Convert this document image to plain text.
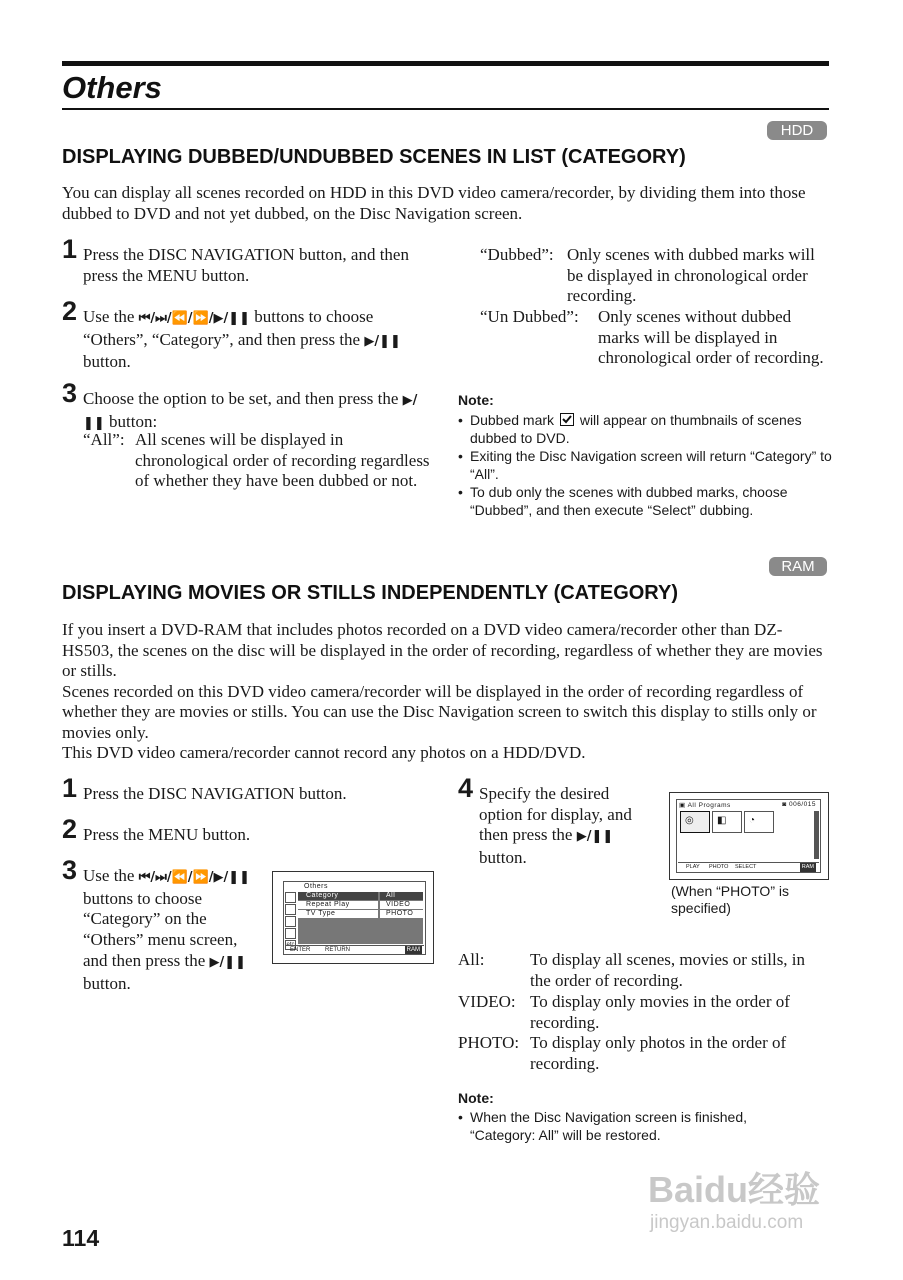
Others
HDD
DISPLAYING DUBBED/UNDUBBED SCENES IN LIST (CATEGORY)

You can display all scenes recorded on HDD in this DVD video camera/recorder, by dividing them into those dubbed to DVD and not yet dubbed, on the Disc Navigation screen.

1 Press the DISC NAVIGATION button, and then press the MENU button.
2 Use the ⏮/⏭/⏪/⏩/▶/❚❚ buttons to choose “Others”, “Category”, and then press the ▶/❚❚ button.
3 Choose the option to be set, and then press the ▶/❚❚ button:
“All”: All scenes will be displayed in chronological order of recording regardless of whether they have been dubbed or not.
“Dubbed”: Only scenes with dubbed marks will be displayed in chronological order recording.
“Un Dubbed”: Only scenes without dubbed marks will be displayed in chronological order of recording.
Note:
• Dubbed mark
will appear on thumbnails of scenes dubbed to DVD.
• Exiting the Disc Navigation screen will return “Category” to “All”.
• To dub only the scenes with dubbed marks, choose “Dubbed”, and then execute “Select” dubbing.
RAM
DISPLAYING MOVIES OR STILLS INDEPENDENTLY (CATEGORY)

If you insert a DVD-RAM that includes photos recorded on a DVD video camera/recorder other than DZ-HS503, the scenes on the disc will be displayed in the order of recording, regardless of whether they are movies or stills.

Scenes recorded on this DVD video camera/recorder will be displayed in the order of recording regardless of whether they are movies or stills. You can use the Disc Navigation screen to switch this display to stills only or movies only.

This DVD video camera/recorder cannot record any photos on a HDD/DVD.

1 Press the DISC NAVIGATION button.
2 Press the MENU button.
3 Use the ⏮/⏭/⏪/⏩/▶/❚❚ buttons to choose “Category” on the “Others” menu screen, and then press the ▶/❚❚ button.
Others
etc
Category	All
Repeat Play	VIDEO
TV Type	PHOTO
ENTER RETURN	RAM
4 Specify the desired option for display, and then press the ▶/❚❚ button.
▣ All Programs	◙ 006/015
◎ ◧ ◔
PLAY PHOTO SELECT	RAM
(When “PHOTO” is specified)
All:	To display all scenes, movies or stills, in the order of recording.
VIDEO: To display only movies in the order of recording.
PHOTO: To display only photos in the order of recording.
Note:
• When the Disc Navigation screen is finished, “Category: All” will be restored.
114
Baidu经验
jingyan.baidu.com
